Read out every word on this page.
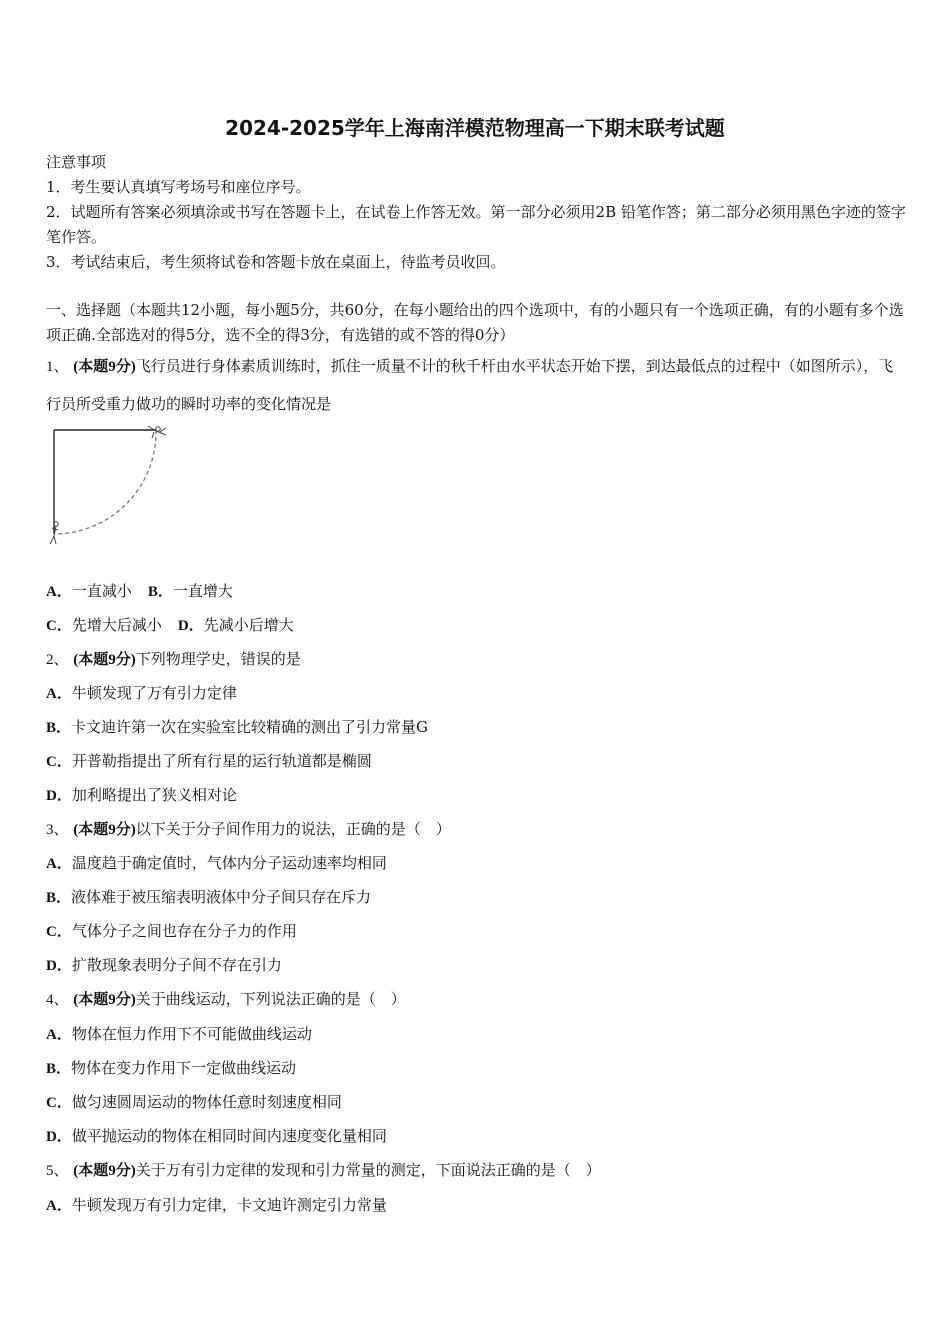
2024-2025学年上海南洋模范物理高一下期末联考试题
注意事项
1．考生要认真填写考场号和座位序号。
2．试题所有答案必须填涂或书写在答题卡上，在试卷上作答无效。第一部分必须用2B 铅笔作答；第二部分必须用黑色字迹的签字笔作答。
3．考试结束后，考生须将试卷和答题卡放在桌面上，待监考员收回。
一、选择题（本题共12小题，每小题5分，共60分，在每小题给出的四个选项中，有的小题只有一个选项正确，有的小题有多个选项正确.全部选对的得5分，选不全的得3分，有选错的或不答的得0分）
1、 (本题9分)飞行员进行身体素质训练时，抓住一质量不计的秋千杆由水平状态开始下摆，到达最低点的过程中（如图所示），飞行员所受重力做功的瞬时功率的变化情况是
A．一直减小 B．一直增大
C．先增大后减小 D．先减小后增大
2、 (本题9分)下列物理学史，错误的是
A．牛顿发现了万有引力定律
B．卡文迪许第一次在实验室比较精确的测出了引力常量G
C．开普勒指提出了所有行星的运行轨道都是椭圆
D．加利略提出了狭义相对论
3、 (本题9分)以下关于分子间作用力的说法，正确的是（　）
A．温度趋于确定值时，气体内分子运动速率均相同
B．液体难于被压缩表明液体中分子间只存在斥力
C．气体分子之间也存在分子力的作用
D．扩散现象表明分子间不存在引力
4、 (本题9分)关于曲线运动，下列说法正确的是（　）
A．物体在恒力作用下不可能做曲线运动
B．物体在变力作用下一定做曲线运动
C．做匀速圆周运动的物体任意时刻速度相同
D．做平抛运动的物体在相同时间内速度变化量相同
5、 (本题9分)关于万有引力定律的发现和引力常量的测定，下面说法正确的是（　）
A．牛顿发现万有引力定律，卡文迪许测定引力常量
